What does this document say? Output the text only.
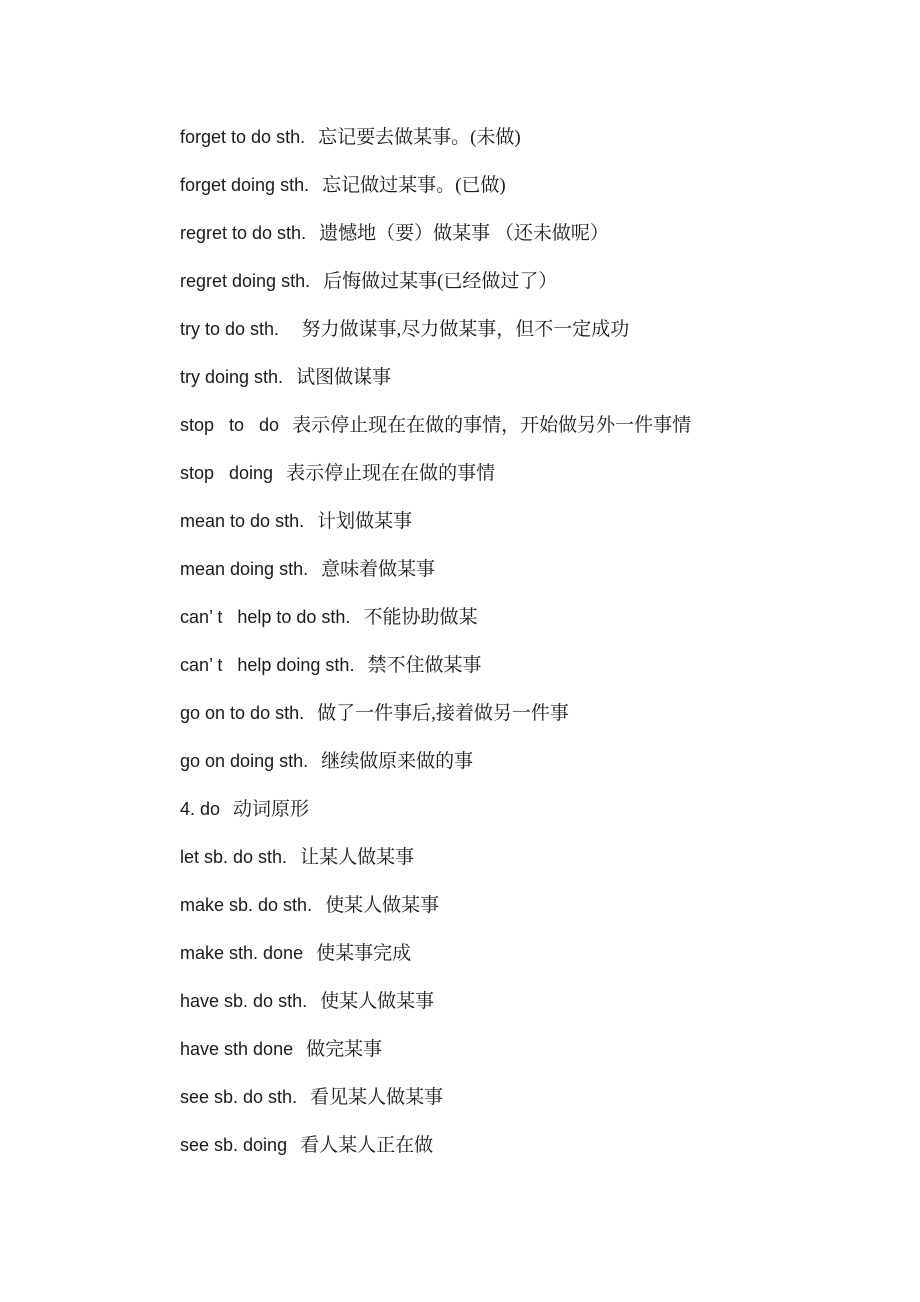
forget to do sth. 忘记要去做某事。(未做)
forget doing sth. 忘记做过某事。(已做)
regret to do sth. 遗憾地（要）做某事 （还未做呢）
regret doing sth. 后悔做过某事(已经做过了）
try to do sth.  努力做谋事,尽力做某事，但不一定成功
try doing sth. 试图做谋事
stop   to   do 表示停止现在在做的事情，开始做另外一件事情
stop   doing 表示停止现在在做的事情
mean to do sth. 计划做某事
mean doing sth. 意味着做某事
can’ t   help to do sth. 不能协助做某
can’ t   help doing sth. 禁不住做某事
go on to do sth. 做了一件事后,接着做另一件事
go on doing sth. 继续做原来做的事
4. do 动词原形
let sb. do sth. 让某人做某事
make sb. do sth. 使某人做某事
make sth. done 使某事完成
have sb. do sth. 使某人做某事
have sth done 做完某事
see sb. do sth. 看见某人做某事
see sb. doing 看人某人正在做
